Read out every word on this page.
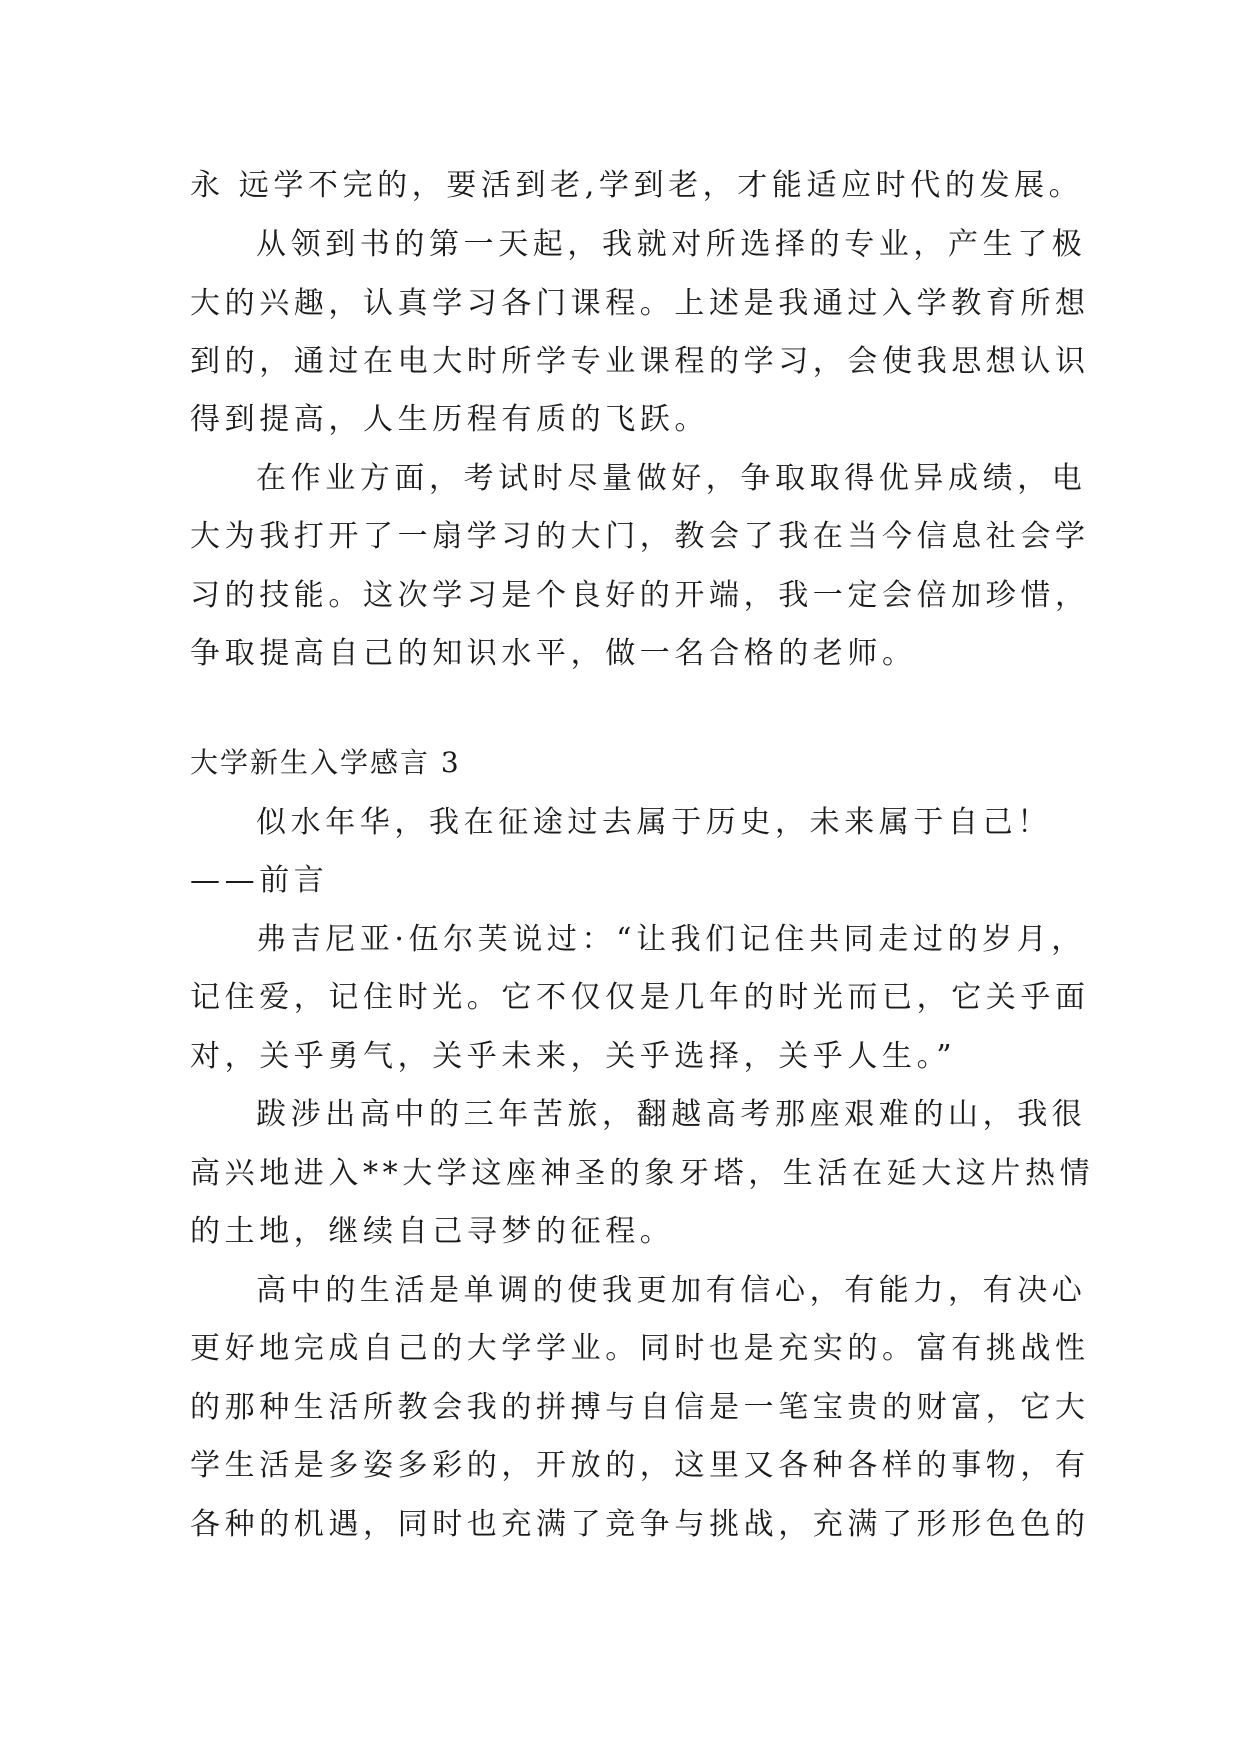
永 远学不完的，要活到老,学到老，才能适应时代的发展。
从领到书的第一天起，我就对所选择的专业，产生了极
大的兴趣，认真学习各门课程。上述是我通过入学教育所想
到的，通过在电大时所学专业课程的学习，会使我思想认识
得到提高，人生历程有质的飞跃。
在作业方面，考试时尽量做好，争取取得优异成绩，电
大为我打开了一扇学习的大门，教会了我在当今信息社会学
习的技能。这次学习是个良好的开端，我一定会倍加珍惜，
争取提高自己的知识水平，做一名合格的老师。
大学新生入学感言 3
似水年华，我在征途过去属于历史，未来属于自己！
——前言
弗吉尼亚·伍尔芙说过：“让我们记住共同走过的岁月，
记住爱，记住时光。它不仅仅是几年的时光而已，它关乎面
对，关乎勇气，关乎未来，关乎选择，关乎人生。”
跋涉出高中的三年苦旅，翻越高考那座艰难的山，我很
高兴地进入**大学这座神圣的象牙塔，生活在延大这片热情
的土地，继续自己寻梦的征程。
高中的生活是单调的使我更加有信心，有能力，有决心
更好地完成自己的大学学业。同时也是充实的。富有挑战性
的那种生活所教会我的拼搏与自信是一笔宝贵的财富，它大
学生活是多姿多彩的，开放的，这里又各种各样的事物，有
各种的机遇，同时也充满了竞争与挑战，充满了形形色色的
